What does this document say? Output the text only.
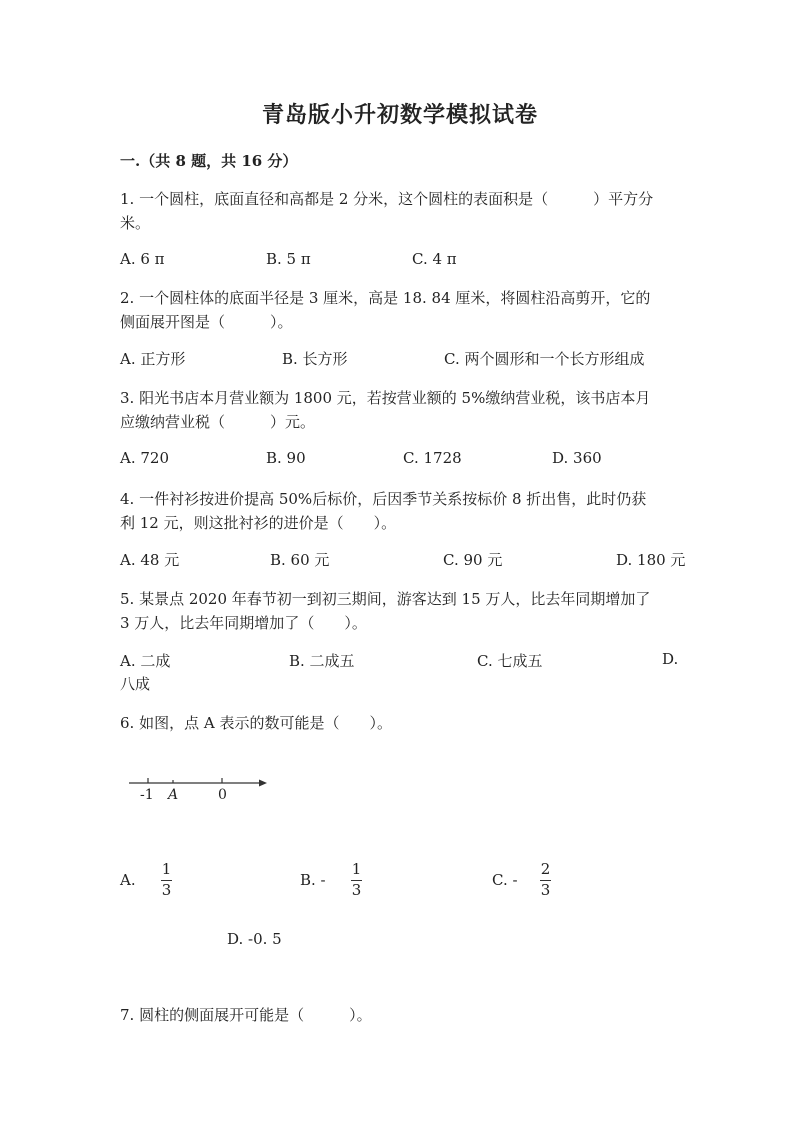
青岛版小升初数学模拟试卷
一.（共 8 题，共 16 分）
1. 一个圆柱，底面直径和高都是 2 分米，这个圆柱的表面积是（　　　）平方分
米。
A. 6 π	B. 5 π	C. 4 π
2. 一个圆柱体的底面半径是 3 厘米，高是 18. 84 厘米，将圆柱沿高剪开，它的
侧面展开图是（　　　）。
A. 正方形	B. 长方形	C. 两个圆形和一个长方形组成
3. 阳光书店本月营业额为 1800 元，若按营业额的 5%缴纳营业税，该书店本月
应缴纳营业税（　　　）元。
A. 720	B. 90	C. 1728	D. 360
4. 一件衬衫按进价提高 50%后标价，后因季节关系按标价 8 折出售，此时仍获
利 12 元，则这批衬衫的进价是（　　）。
A. 48 元	B. 60 元	C. 90 元	D. 180 元
5. 某景点 2020 年春节初一到初三期间，游客达到 15 万人，比去年同期增加了
3 万人，比去年同期增加了（　　）。
A. 二成	B. 二成五	C. 七成五	D.
八成
6. 如图，点 A 表示的数可能是（　　）。
-1 A	0
A.
1
3
B. -
1
3
C. -
2
3
D. -0. 5
7. 圆柱的侧面展开可能是（　　　）。
